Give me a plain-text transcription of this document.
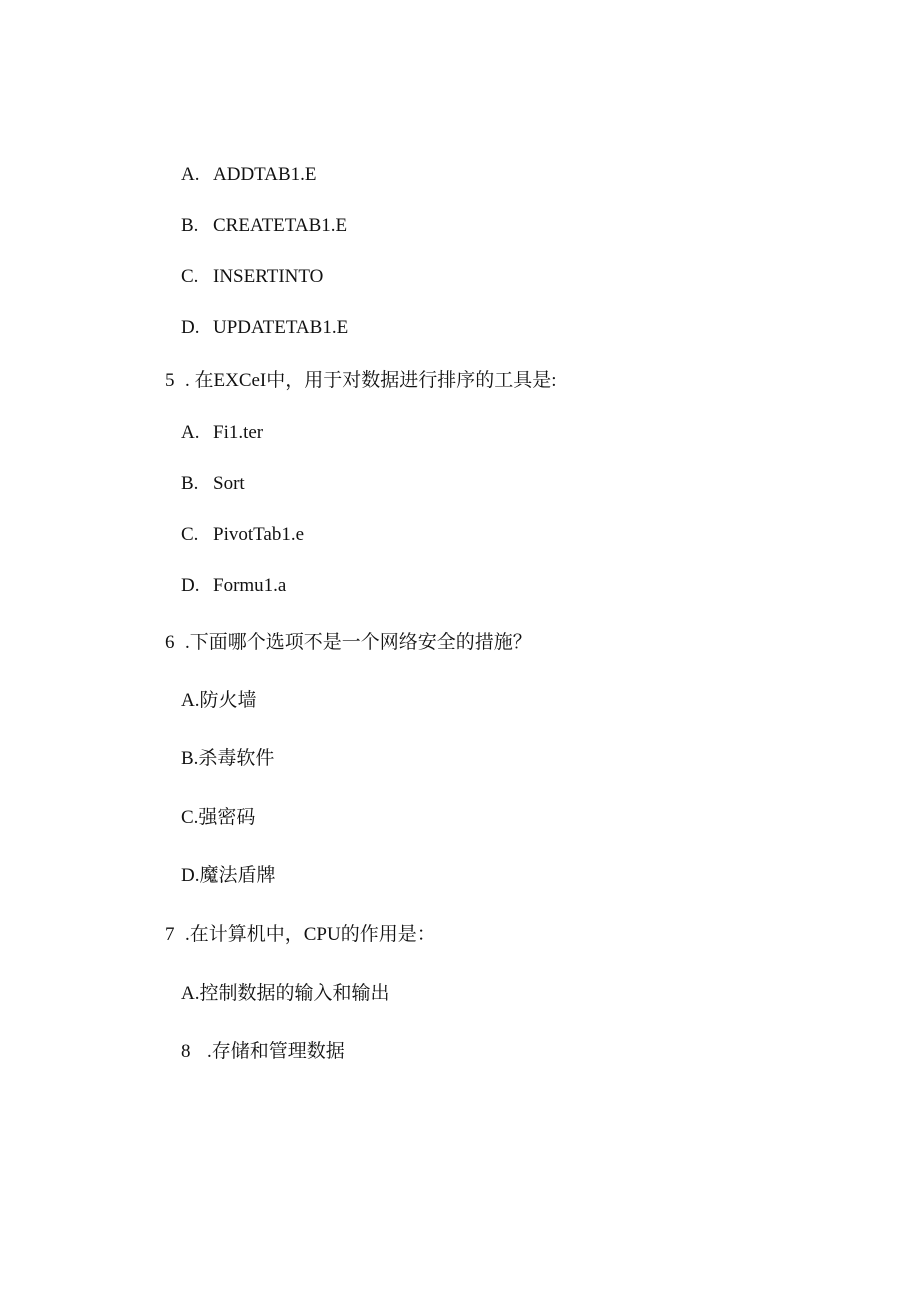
A. ADDTAB1.E
B. CREATETAB1.E
C. INSERTINTO
D. UPDATETAB1.E
5 . 在EXCeI中，用于对数据进行排序的工具是:
A. Fi1.ter
B. Sort
C. PivotTab1.e
D. Formu1.a
6 .下面哪个选项不是一个网络安全的措施？
A.防火墙
B.杀毒软件
C.强密码
D.魔法盾牌
7 .在计算机中，CPU的作用是：
A.控制数据的输入和输出
8 .存储和管理数据
